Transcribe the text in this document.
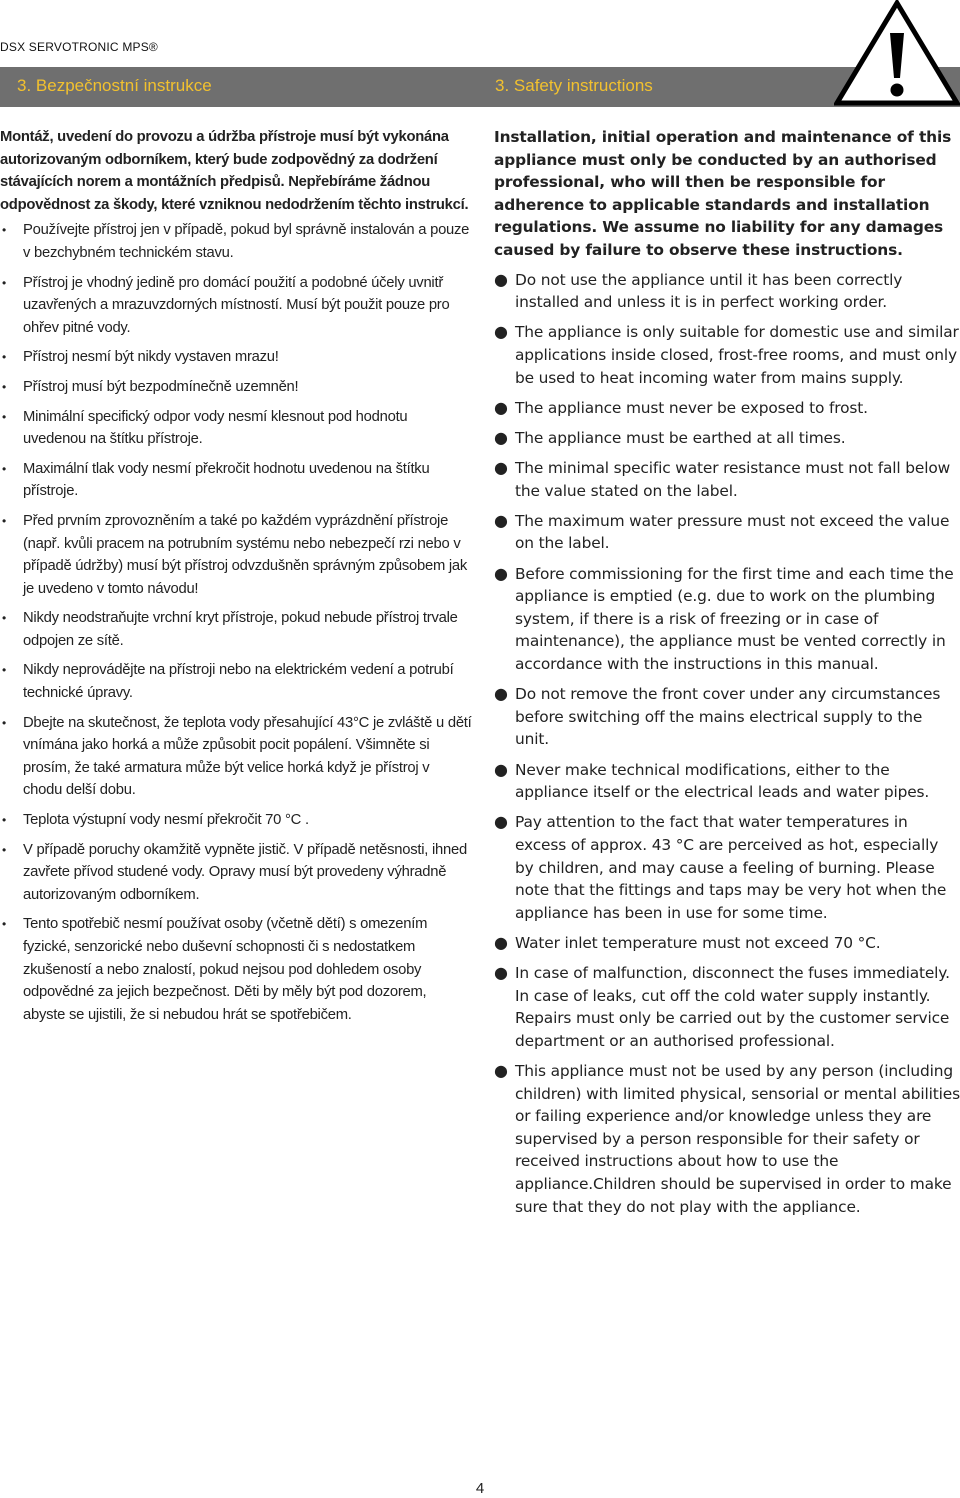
DSX SERVOTRONIC MPS®
3. Bezpečnostní instrukce	3. Safety instructions

Montáž, uvedení do provozu a údržba přístroje musí být vykonána autorizovaným odborníkem, který bude zodpovědný za dodržení stávajících norem a montážních předpisů. Nepřebíráme žádnou odpovědnost za škody, které vzniknou nedodržením těchto instrukcí.

• Používejte přístroj jen v případě, pokud byl správně instalován a pouze v bezchybném technickém stavu.
• Přístroj je vhodný jedině pro domácí použití a podobné účely uvnitř uzavřených a mrazuvzdorných místností. Musí být použit pouze pro ohřev pitné vody.
• Přístroj nesmí být nikdy vystaven mrazu!
• Přístroj musí být bezpodmínečně uzemněn!
• Minimální specifický odpor vody nesmí klesnout pod hodnotu uvedenou na štítku přístroje.
• Maximální tlak vody nesmí překročit hodnotu uvedenou na štítku přístroje.
• Před prvním zprovozněním a také po každém vyprázdnění přístroje (např. kvůli pracem na potrubním systému nebo nebezpečí rzi nebo v případě údržby) musí být přístroj odvzdušněn správným způsobem jak je uvedeno v tomto návodu!
• Nikdy neodstraňujte vrchní kryt přístroje, pokud nebude přístroj trvale odpojen ze sítě.
• Nikdy neprovádějte na přístroji nebo na elektrickém vedení a potrubí technické úpravy.
• Dbejte na skutečnost, že teplota vody přesahující 43°C je zvláště u dětí vnímána jako horká a může způsobit pocit popálení. Všimněte si prosím, že také armatura může být velice horká když je přístroj v chodu delší dobu.
• Teplota výstupní vody nesmí překročit 70 °C .
• V případě poruchy okamžitě vypněte jistič. V případě netěsnosti, ihned zavřete přívod studené vody. Opravy musí být provedeny výhradně autorizovaným odborníkem.
• Tento spotřebič nesmí používat osoby (včetně dětí) s omezením fyzické, senzorické nebo duševní schopnosti či s nedostatkem zkušeností a nebo znalostí, pokud nejsou pod dohledem osoby odpovědné za jejich bezpečnost. Děti by měly být pod dozorem, abyste se ujistili, že si nebudou hrát se spotřebičem.

Installation, initial operation and maintenance of this appliance must only be conducted by an authorised professional, who will then be responsible for adherence to applicable standards and installation regulations. We assume no liability for any damages caused by failure to observe these instructions.

● Do not use the appliance until it has been correctly installed and unless it is in perfect working order.
● The appliance is only suitable for domestic use and similar applications inside closed, frost-free rooms, and must only be used to heat incoming water from mains supply.
● The appliance must never be exposed to frost.
● The appliance must be earthed at all times.
● The minimal specific water resistance must not fall below the value stated on the label.
● The maximum water pressure must not exceed the value on the label.
● Before commissioning for the first time and each time the appliance is emptied (e.g. due to work on the plumbing system, if there is a risk of freezing or in case of maintenance), the appliance must be vented correctly in accordance with the instructions in this manual.
● Do not remove the front cover under any circumstances before switching off the mains electrical supply to the unit.
● Never make technical modifications, either to the appliance itself or the electrical leads and water pipes.
● Pay attention to the fact that water temperatures in excess of approx. 43 °C are perceived as hot, especially by children, and may cause a feeling of burning. Please note that the fittings and taps may be very hot when the appliance has been in use for some time.
● Water inlet temperature must not exceed 70 °C.
● In case of malfunction, disconnect the fuses immediately. In case of leaks, cut off the cold water supply instantly. Repairs must only be carried out by the customer service department or an authorised professional.
● This appliance must not be used by any person (including children) with limited physical, sensorial or mental abilities or failing experience and/or knowledge unless they are supervised by a person responsible for their safety or received instructions about how to use the appliance.Children should be supervised in order to make sure that they do not play with the appliance.
4
